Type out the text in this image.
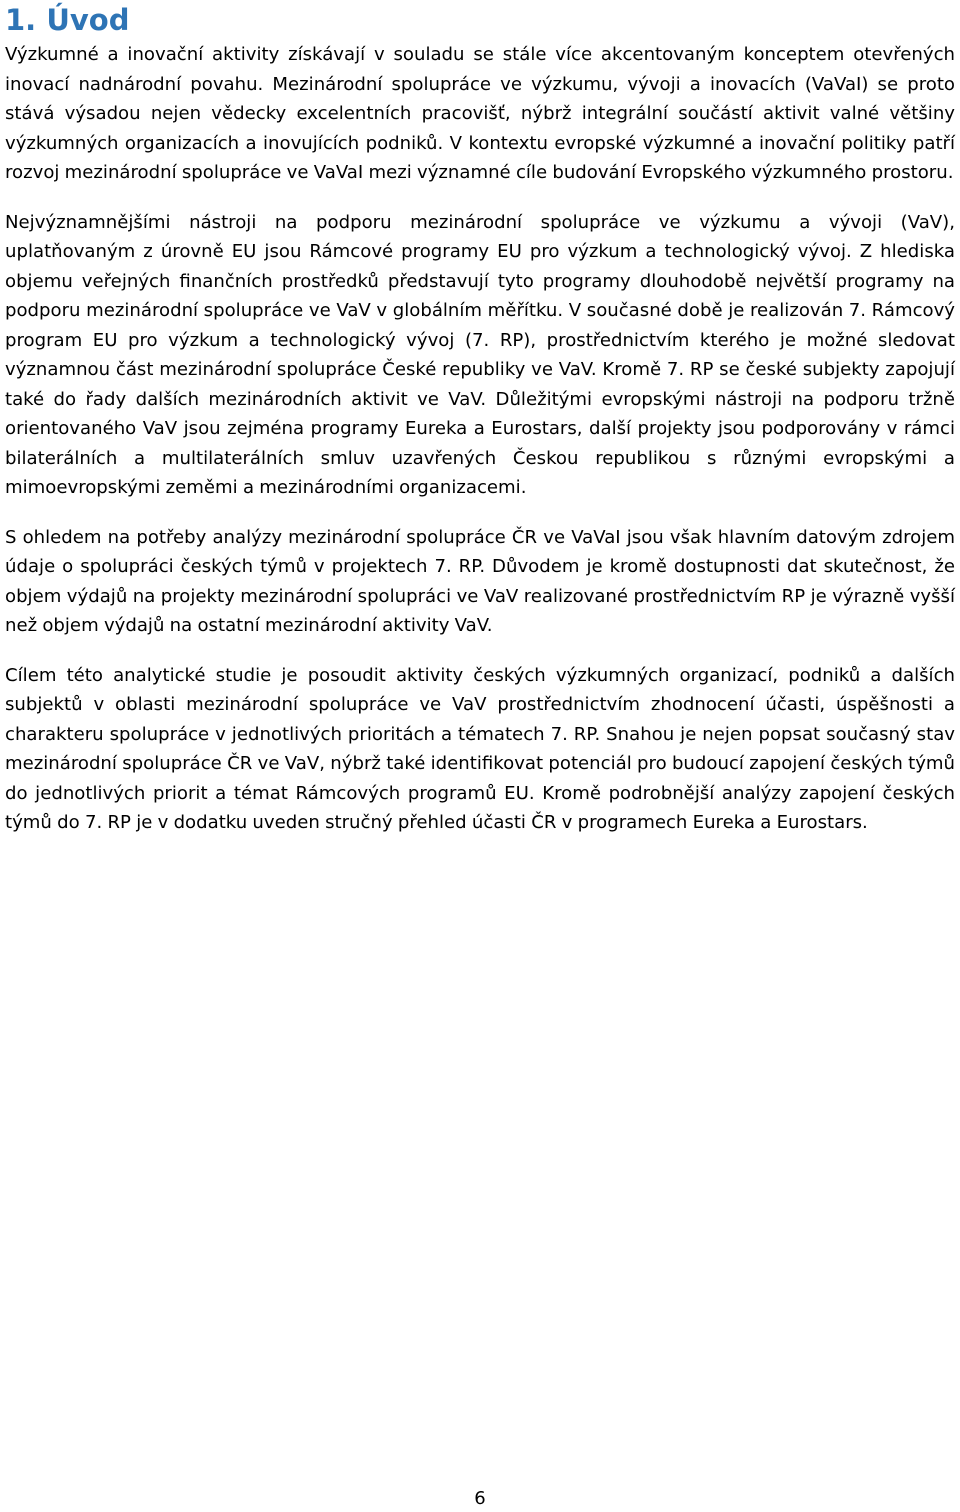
1. Úvod

Výzkumné a inovační aktivity získávají v souladu se stále více akcentovaným konceptem otevřených inovací nadnárodní povahu. Mezinárodní spolupráce ve výzkumu, vývoji a inovacích (VaVaI) se proto stává výsadou nejen vědecky excelentních pracovišť, nýbrž integrální součástí aktivit valné většiny výzkumných organizacích a inovujících podniků. V kontextu evropské výzkumné a inovační politiky patří rozvoj mezinárodní spolupráce ve VaVaI mezi významné cíle budování Evropského výzkumného prostoru.

Nejvýznamnějšími nástroji na podporu mezinárodní spolupráce ve výzkumu a vývoji (VaV), uplatňovaným z úrovně EU jsou Rámcové programy EU pro výzkum a technologický vývoj. Z hlediska objemu veřejných finančních prostředků představují tyto programy dlouhodobě největší programy na podporu mezinárodní spolupráce ve VaV v globálním měřítku. V současné době je realizován 7. Rámcový program EU pro výzkum a technologický vývoj (7. RP), prostřednictvím kterého je možné sledovat významnou část mezinárodní spolupráce České republiky ve VaV. Kromě 7. RP se české subjekty zapojují také do řady dalších mezinárodních aktivit ve VaV. Důležitými evropskými nástroji na podporu tržně orientovaného VaV jsou zejména programy Eureka a Eurostars, další projekty jsou podporovány v rámci bilaterálních a multilaterálních smluv uzavřených Českou republikou s různými evropskými a mimoevropskými zeměmi a mezinárodními organizacemi.

S ohledem na potřeby analýzy mezinárodní spolupráce ČR ve VaVaI jsou však hlavním datovým zdrojem údaje o spolupráci českých týmů v projektech 7. RP. Důvodem je kromě dostupnosti dat skutečnost, že objem výdajů na projekty mezinárodní spolupráci ve VaV realizované prostřednictvím RP je výrazně vyšší než objem výdajů na ostatní mezinárodní aktivity VaV.

Cílem této analytické studie je posoudit aktivity českých výzkumných organizací, podniků a dalších subjektů v oblasti mezinárodní spolupráce ve VaV prostřednictvím zhodnocení účasti, úspěšnosti a charakteru spolupráce v jednotlivých prioritách a tématech 7. RP. Snahou je nejen popsat současný stav mezinárodní spolupráce ČR ve VaV, nýbrž také identifikovat potenciál pro budoucí zapojení českých týmů do jednotlivých priorit a témat Rámcových programů EU. Kromě podrobnější analýzy zapojení českých týmů do 7. RP je v dodatku uveden stručný přehled účasti ČR v programech Eureka a Eurostars.

6
